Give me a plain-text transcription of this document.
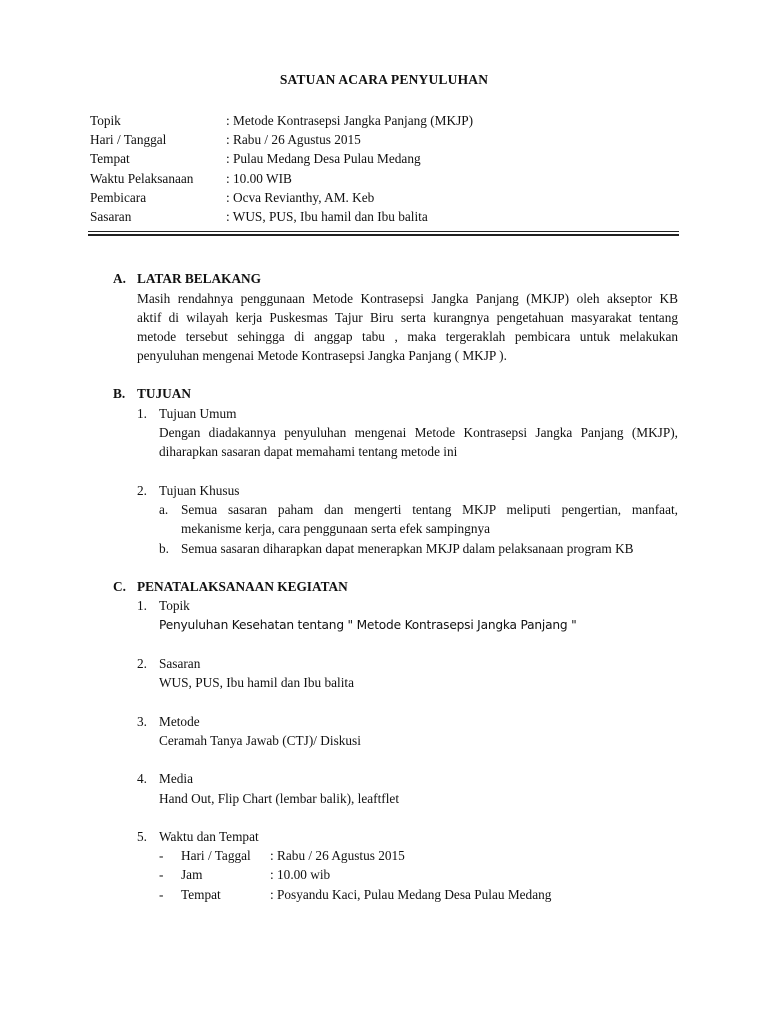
SATUAN ACARA PENYULUHAN
Topik	: Metode Kontrasepsi Jangka Panjang (MKJP)
Hari / Tanggal	: Rabu / 26 Agustus 2015
Tempat	: Pulau Medang Desa Pulau Medang
Waktu Pelaksanaan : 10.00 WIB
Pembicara	: Ocva Revianthy, AM. Keb
Sasaran	: WUS, PUS, Ibu hamil dan Ibu balita
A. LATAR BELAKANG
Masih rendahnya penggunaan Metode Kontrasepsi Jangka Panjang (MKJP) oleh akseptor KB
aktif di wilayah kerja Puskesmas Tajur Biru serta kurangnya pengetahuan masyarakat tentang
metode tersebut sehingga di anggap tabu , maka tergeraklah pembicara untuk melakukan
penyuluhan mengenai Metode Kontrasepsi Jangka Panjang ( MKJP ).
B. TUJUAN
1. Tujuan Umum
Dengan diadakannya penyuluhan mengenai Metode Kontrasepsi Jangka Panjang (MKJP),
diharapkan sasaran dapat memahami tentang metode ini
2. Tujuan Khusus
a. Semua sasaran paham dan mengerti tentang MKJP meliputi pengertian, manfaat,
mekanisme kerja, cara penggunaan serta efek sampingnya
b. Semua sasaran diharapkan dapat menerapkan MKJP dalam pelaksanaan program KB
C. PENATALAKSANAAN KEGIATAN
1. Topik
Penyuluhan Kesehatan tentang " Metode Kontrasepsi Jangka Panjang "
2. Sasaran
WUS, PUS, Ibu hamil dan Ibu balita
3. Metode
Ceramah Tanya Jawab (CTJ)/ Diskusi
4. Media
Hand Out, Flip Chart (lembar balik), leaftflet
5. Waktu dan Tempat
- Hari / Taggal : Rabu / 26 Agustus 2015
- Jam	: 10.00 wib
- Tempat	: Posyandu Kaci, Pulau Medang Desa Pulau Medang
